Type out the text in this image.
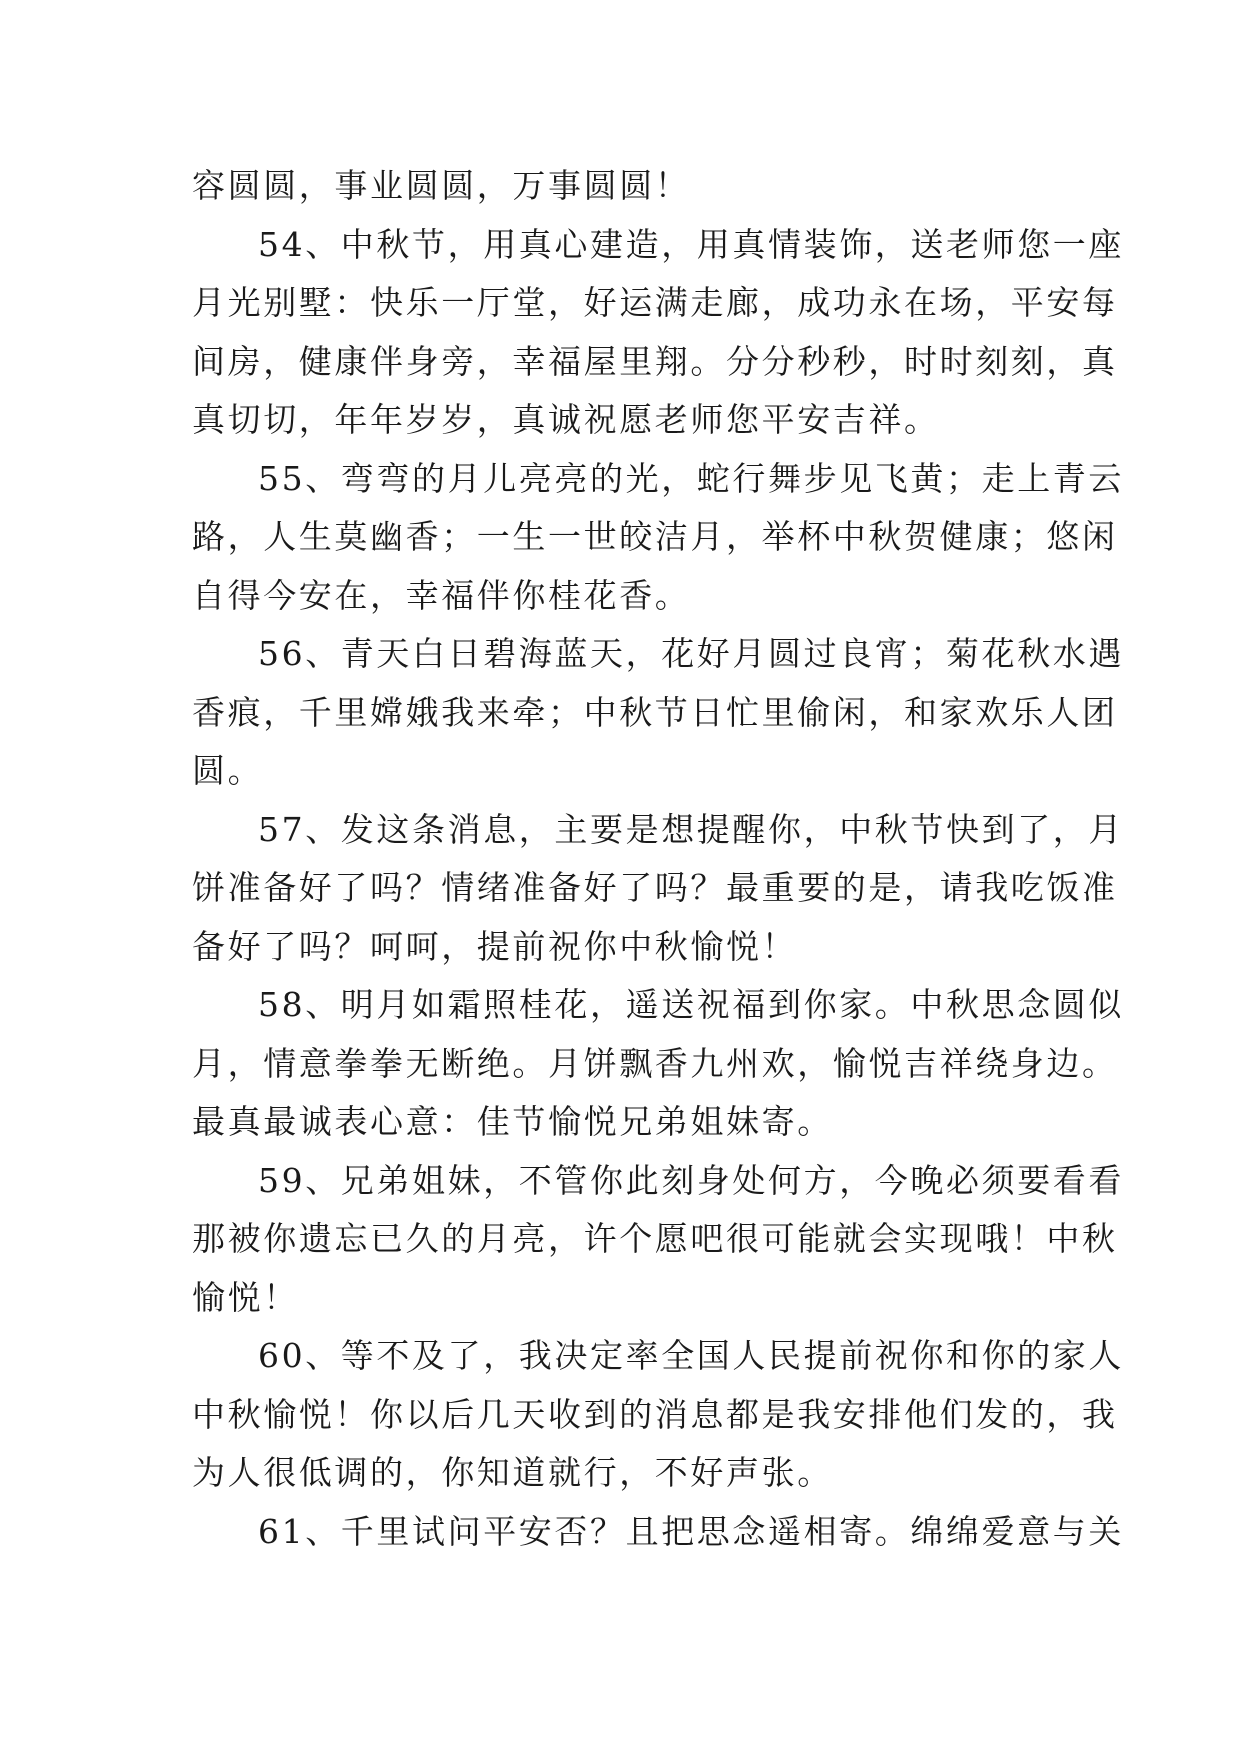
容圆圆，事业圆圆，万事圆圆！
54、中秋节，用真心建造，用真情装饰，送老师您一座
月光别墅：快乐一厅堂，好运满走廊，成功永在场，平安每
间房，健康伴身旁，幸福屋里翔。分分秒秒，时时刻刻，真
真切切，年年岁岁，真诚祝愿老师您平安吉祥。
55、弯弯的月儿亮亮的光，蛇行舞步见飞黄；走上青云
路，人生莫幽香；一生一世皎洁月，举杯中秋贺健康；悠闲
自得今安在，幸福伴你桂花香。
56、青天白日碧海蓝天，花好月圆过良宵；菊花秋水遇
香痕，千里嫦娥我来牵；中秋节日忙里偷闲，和家欢乐人团
圆。
57、发这条消息，主要是想提醒你，中秋节快到了，月
饼准备好了吗？情绪准备好了吗？最重要的是，请我吃饭准
备好了吗？呵呵，提前祝你中秋愉悦！
58、明月如霜照桂花，遥送祝福到你家。中秋思念圆似
月，情意拳拳无断绝。月饼飘香九州欢，愉悦吉祥绕身边。
最真最诚表心意：佳节愉悦兄弟姐妹寄。
59、兄弟姐妹，不管你此刻身处何方，今晚必须要看看
那被你遗忘已久的月亮，许个愿吧很可能就会实现哦！中秋
愉悦！
60、等不及了，我决定率全国人民提前祝你和你的家人
中秋愉悦！你以后几天收到的消息都是我安排他们发的，我
为人很低调的，你知道就行，不好声张。
61、千里试问平安否？且把思念遥相寄。绵绵爱意与关
